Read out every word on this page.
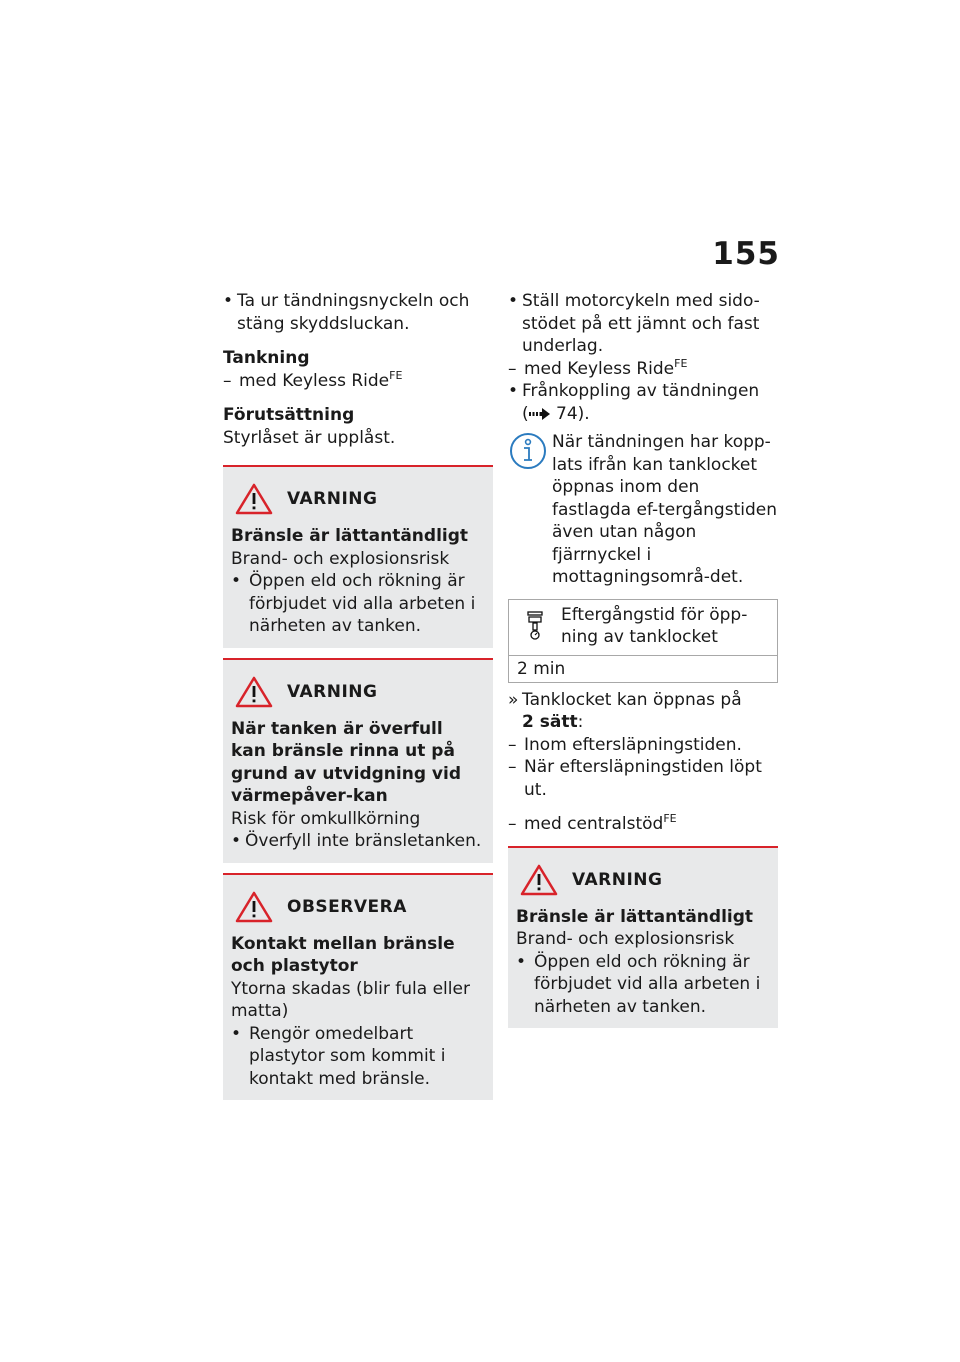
155

• Ta ur tändningsnyckeln och stäng skyddsluckan.

Tankning

– med Keyless Ride$^{FE}$

Förutsättning

Styrlåset är upplåst.

VARNING

Bränsle är lättantändligt

Brand- och explosionsrisk

• Öppen eld och rökning är förbjudet vid alla arbeten i närheten av tanken.

VARNING

När tanken är överfull kan bränsle rinna ut på grund av utvidgning vid värmepåver-kan

Risk för omkullkörning

• Överfyll inte bränsletanken.

OBSERVERA

Kontakt mellan bränsle och plastytor

Ytorna skadas (blir fula eller matta)

• Rengör omedelbart plastytor som kommit i kontakt med bränsle.

• Ställ motorcykeln med sido-stödet på ett jämnt och fast underlag.

– med Keyless Ride$^{FE}$

• Frånkoppling av tändningen
( 74).

När tändningen har kopp-lats ifrån kan tanklocket öppnas inom den fastlagda ef-tergångstiden även utan någon fjärrnyckel i mottagningsområ-det.

Eftergångstid för öpp-ning av tanklocket

2 min

» Tanklocket kan öppnas på
2 sätt:

– Inom eftersläpningstiden.

– När eftersläpningstiden löpt ut.

– med centralstöd$^{FE}$

VARNING

Bränsle är lättantändligt

Brand- och explosionsrisk

• Öppen eld och rökning är förbjudet vid alla arbeten i närheten av tanken.
